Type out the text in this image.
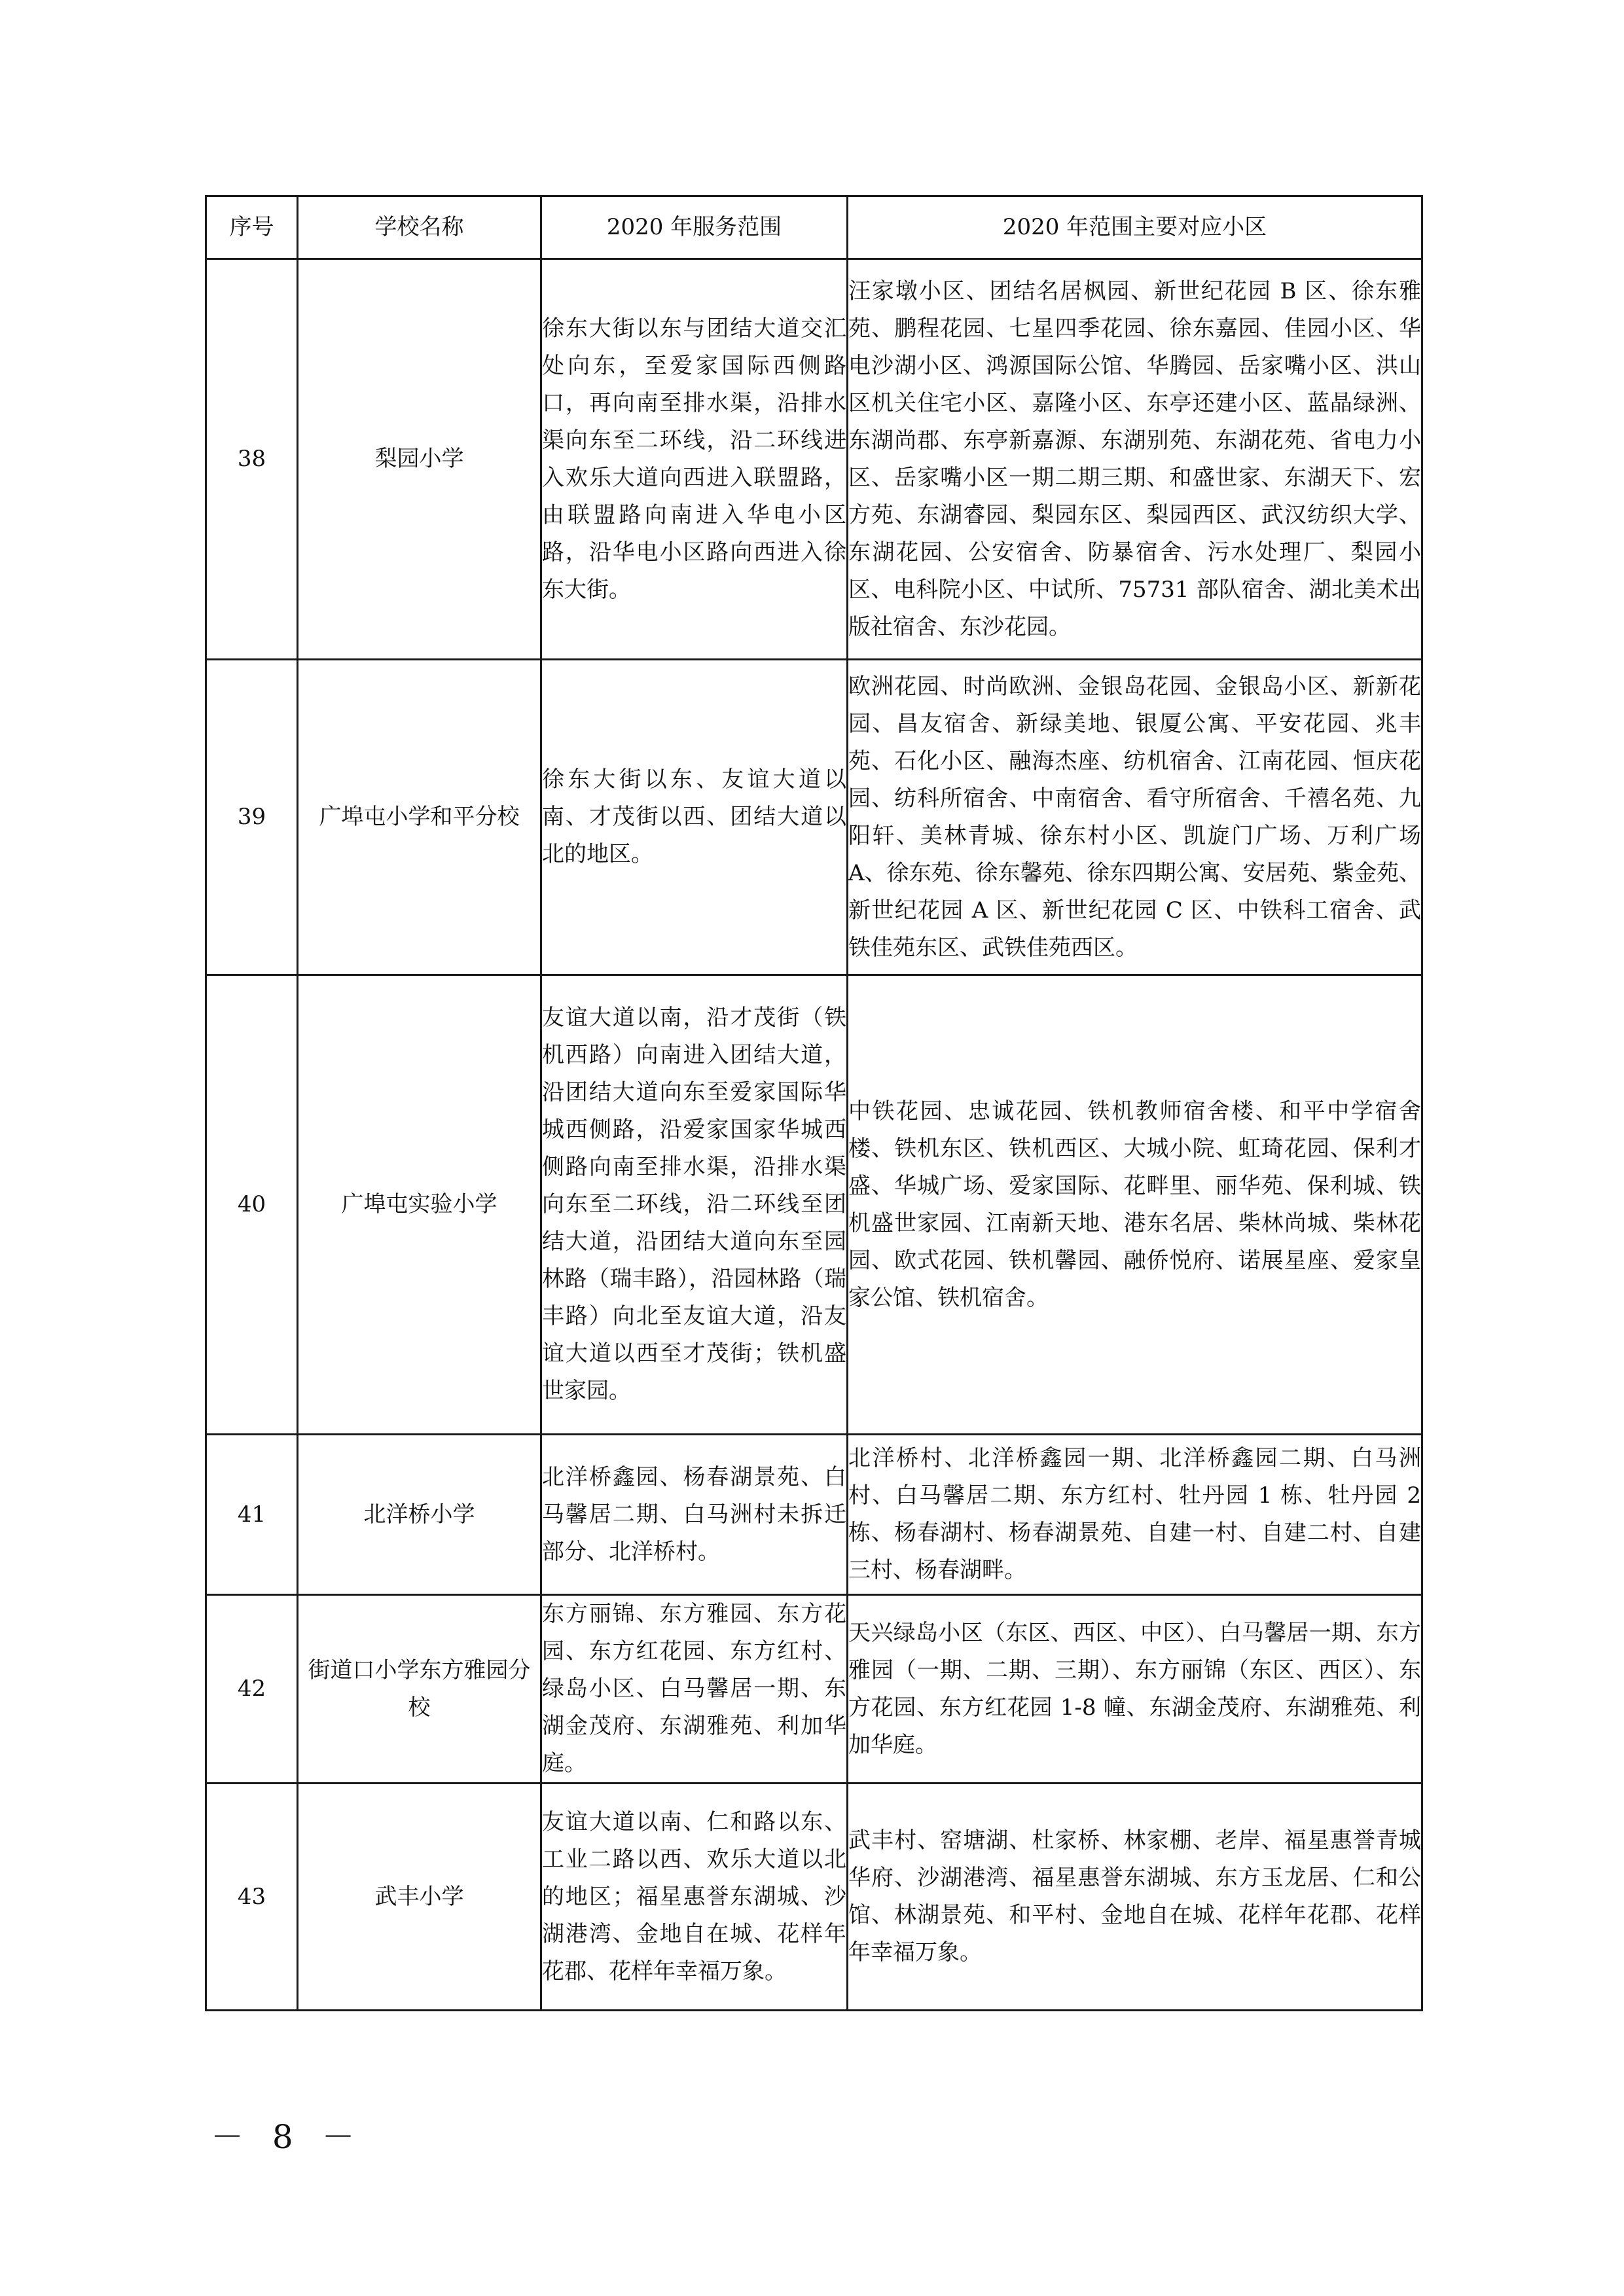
序号	学校名称	2020 年服务范围	2020 年范围主要对应小区
38	梨园小学	徐东大街以东与团结大道交汇处向东，至爱家国际西侧路口，再向南至排水渠，沿排水渠向东至二环线，沿二环线进入欢乐大道向西进入联盟路，由联盟路向南进入华电小区路，沿华电小区路向西进入徐东大街。	汪家墩小区、团结名居枫园、新世纪花园 B 区、徐东雅苑、鹏程花园、七星四季花园、徐东嘉园、佳园小区、华电沙湖小区、鸿源国际公馆、华腾园、岳家嘴小区、洪山区机关住宅小区、嘉隆小区、东亭还建小区、蓝晶绿洲、东湖尚郡、东亭新嘉源、东湖别苑、东湖花苑、省电力小区、岳家嘴小区一期二期三期、和盛世家、东湖天下、宏方苑、东湖睿园、梨园东区、梨园西区、武汉纺织大学、东湖花园、公安宿舍、防暴宿舍、污水处理厂、梨园小区、电科院小区、中试所、75731 部队宿舍、湖北美术出版社宿舍、东沙花园。

39	广埠屯小学和平分校	徐东大街以东、友谊大道以南、才茂街以西、团结大道以北的地区。	欧洲花园、时尚欧洲、金银岛花园、金银岛小区、新新花园、昌友宿舍、新绿美地、银厦公寓、平安花园、兆丰苑、石化小区、融海杰座、纺机宿舍、江南花园、恒庆花园、纺科所宿舍、中南宿舍、看守所宿舍、千禧名苑、九阳轩、美林青城、徐东村小区、凯旋门广场、万利广场 A、徐东苑、徐东馨苑、徐东四期公寓、安居苑、紫金苑、新世纪花园 A 区、新世纪花园 C 区、中铁科工宿舍、武铁佳苑东区、武铁佳苑西区。

40	广埠屯实验小学	友谊大道以南，沿才茂街（铁机西路）向南进入团结大道，沿团结大道向东至爱家国际华城西侧路，沿爱家国家华城西侧路向南至排水渠，沿排水渠向东至二环线，沿二环线至团结大道，沿团结大道向东至园林路（瑞丰路），沿园林路（瑞丰路）向北至友谊大道，沿友谊大道以西至才茂街；铁机盛世家园。	中铁花园、忠诚花园、铁机教师宿舍楼、和平中学宿舍楼、铁机东区、铁机西区、大城小院、虹琦花园、保利才盛、华城广场、爱家国际、花畔里、丽华苑、保利城、铁机盛世家园、江南新天地、港东名居、柴林尚城、柴林花园、欧式花园、铁机馨园、融侨悦府、诺展星座、爱家皇家公馆、铁机宿舍。

41	北洋桥小学	北洋桥鑫园、杨春湖景苑、白马馨居二期、白马洲村未拆迁部分、北洋桥村。	北洋桥村、北洋桥鑫园一期、北洋桥鑫园二期、白马洲村、白马馨居二期、东方红村、牡丹园 1 栋、牡丹园 2 栋、杨春湖村、杨春湖景苑、自建一村、自建二村、自建三村、杨春湖畔。

42	街道口小学东方雅园分校	东方丽锦、东方雅园、东方花园、东方红花园、东方红村、绿岛小区、白马馨居一期、东湖金茂府、东湖雅苑、利加华庭。	天兴绿岛小区（东区、西区、中区）、白马馨居一期、东方雅园（一期、二期、三期）、东方丽锦（东区、西区）、东方花园、东方红花园 1-8 幢、东湖金茂府、东湖雅苑、利加华庭。

43	武丰小学	友谊大道以南、仁和路以东、工业二路以西、欢乐大道以北的地区；福星惠誉东湖城、沙湖港湾、金地自在城、花样年花郡、花样年幸福万象。	武丰村、窑塘湖、杜家桥、林家棚、老岸、福星惠誉青城华府、沙湖港湾、福星惠誉东湖城、东方玉龙居、仁和公馆、林湖景苑、和平村、金地自在城、花样年花郡、花样年幸福万象。
－ 8 －
